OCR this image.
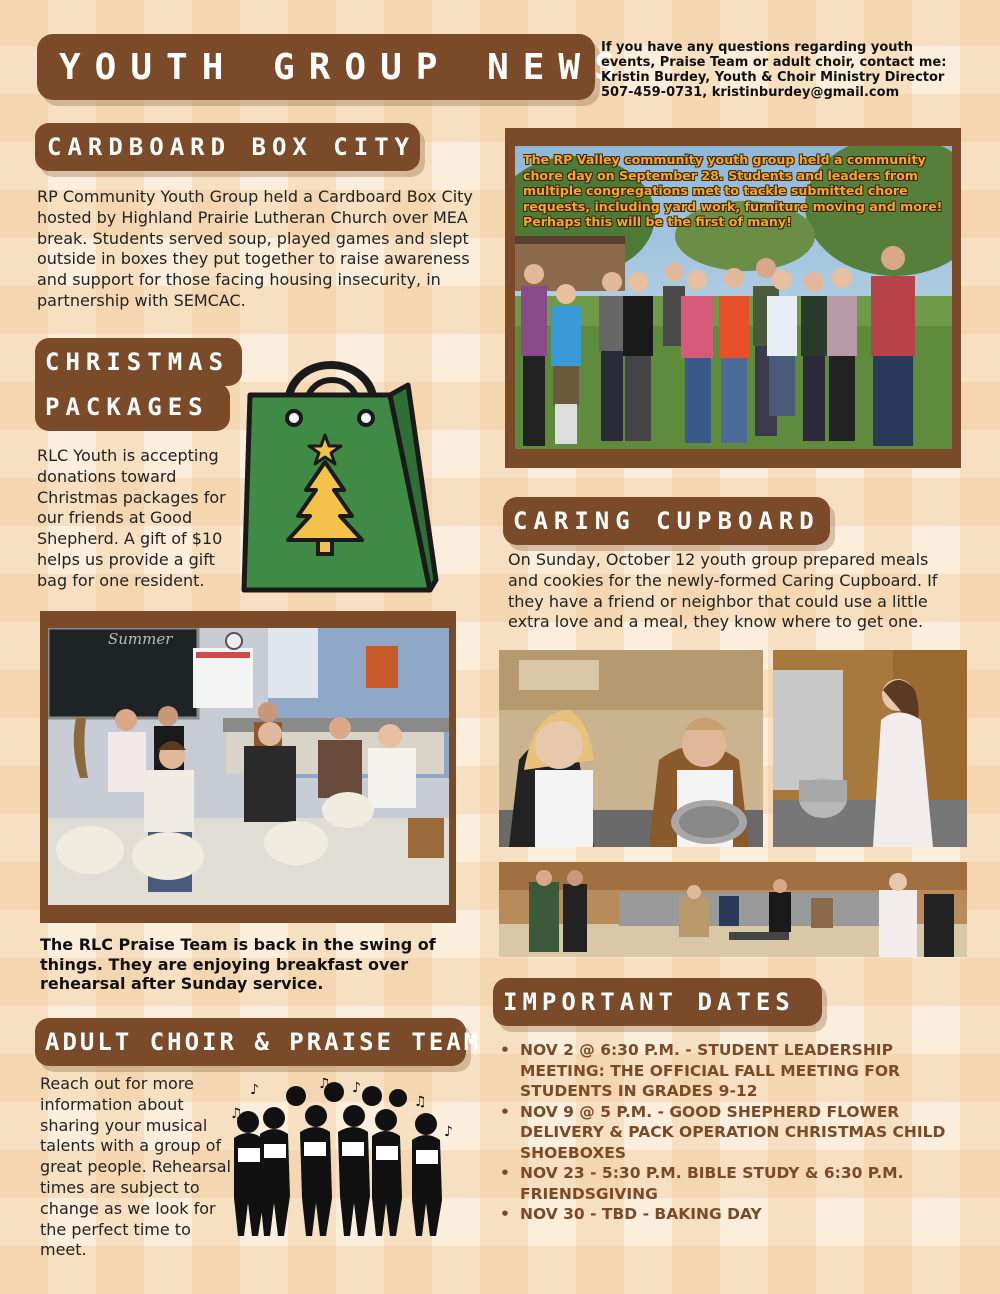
YOUTH GROUP NEWS
If you have any questions regarding youth
events, Praise Team or adult choir, contact me:
Kristin Burdey, Youth & Choir Ministry Director
507-459-0731, kristinburdey@gmail.com
CARDBOARD BOX CITY
RP Community Youth Group held a Cardboard Box City hosted by Highland Prairie Lutheran Church over MEA break. Students served soup, played games and slept outside in boxes they put together to raise awareness and support for those facing housing insecurity, in partnership with SEMCAC.
The RP Valley community youth group held a community chore day on September 28. Students and leaders from multiple congregations met to tackle submitted chore requests, including yard work, furniture moving and more! Perhaps this will be the first of many!
CHRISTMAS
PACKAGES
RLC Youth is accepting donations toward Christmas packages for our friends at Good Shepherd. A gift of $10 helps us provide a gift bag for one resident.
CARING CUPBOARD
On Sunday, October 12 youth group prepared meals and cookies for the newly-formed Caring Cupboard. If they have a friend or neighbor that could use a little extra love and a meal, they know where to get one.
Summer
The RLC Praise Team is back in the swing of things. They are enjoying breakfast over rehearsal after Sunday service.
ADULT CHOIR & PRAISE TEAM
Reach out for more information about sharing your musical talents with a group of great people. Rehearsal times are subject to change as we look for the perfect time to meet.
♪	♫ ♪
♫
♪
♫
IMPORTANT DATES
• NOV 2 @ 6:30 P.M. - STUDENT LEADERSHIP MEETING: THE OFFICIAL FALL MEETING FOR STUDENTS IN GRADES 9-12
• NOV 9 @ 5 P.M. - GOOD SHEPHERD FLOWER DELIVERY & PACK OPERATION CHRISTMAS CHILD SHOEBOXES
• NOV 23 - 5:30 P.M. BIBLE STUDY & 6:30 P.M. FRIENDSGIVING
• NOV 30 - TBD - BAKING DAY
